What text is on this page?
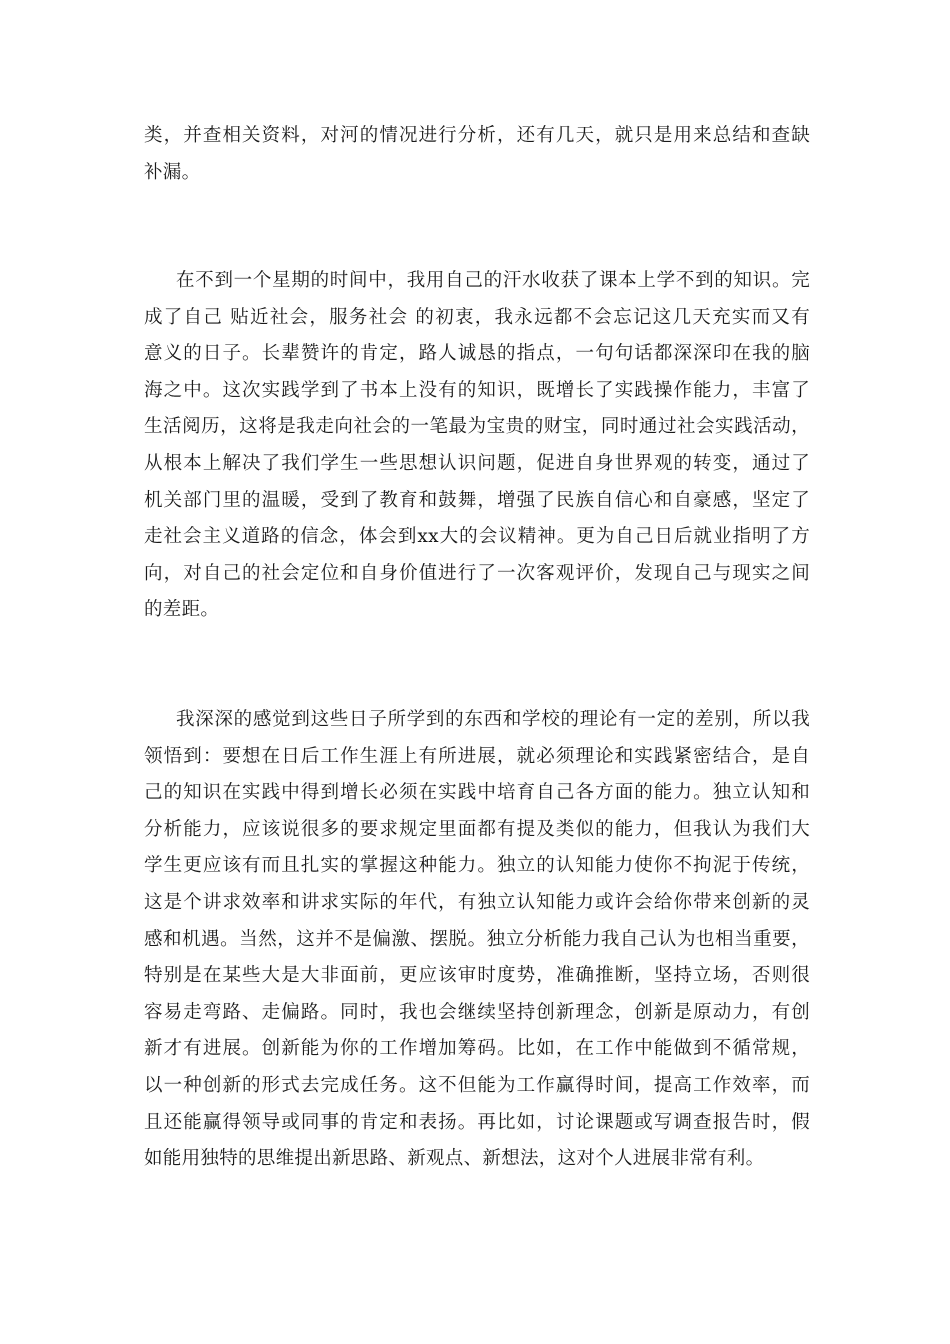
类，并查相关资料，对河的情况进行分析，还有几天，就只是用来总结和查缺
补漏。
在不到一个星期的时间中，我用自己的汗水收获了课本上学不到的知识。完
成了自己 贴近社会，服务社会 的初衷，我永远都不会忘记这几天充实而又有
意义的日子。长辈赞许的肯定，路人诚恳的指点，一句句话都深深印在我的脑
海之中。这次实践学到了书本上没有的知识，既增长了实践操作能力，丰富了
生活阅历，这将是我走向社会的一笔最为宝贵的财宝，同时通过社会实践活动，
从根本上解决了我们学生一些思想认识问题，促进自身世界观的转变，通过了
机关部门里的温暖，受到了教育和鼓舞，增强了民族自信心和自豪感，坚定了
走社会主义道路的信念，体会到xx大的会议精神。更为自己日后就业指明了方
向，对自己的社会定位和自身价值进行了一次客观评价，发现自己与现实之间
的差距。
我深深的感觉到这些日子所学到的东西和学校的理论有一定的差别，所以我
领悟到：要想在日后工作生涯上有所进展，就必须理论和实践紧密结合，是自
己的知识在实践中得到增长必须在实践中培育自己各方面的能力。独立认知和
分析能力，应该说很多的要求规定里面都有提及类似的能力，但我认为我们大
学生更应该有而且扎实的掌握这种能力。独立的认知能力使你不拘泥于传统，
这是个讲求效率和讲求实际的年代，有独立认知能力或许会给你带来创新的灵
感和机遇。当然，这并不是偏激、摆脱。独立分析能力我自己认为也相当重要，
特别是在某些大是大非面前，更应该审时度势，准确推断，坚持立场，否则很
容易走弯路、走偏路。同时，我也会继续坚持创新理念，创新是原动力，有创
新才有进展。创新能为你的工作增加筹码。比如，在工作中能做到不循常规，
以一种创新的形式去完成任务。这不但能为工作赢得时间，提高工作效率，而
且还能赢得领导或同事的肯定和表扬。再比如，讨论课题或写调查报告时，假
如能用独特的思维提出新思路、新观点、新想法，这对个人进展非常有利。
